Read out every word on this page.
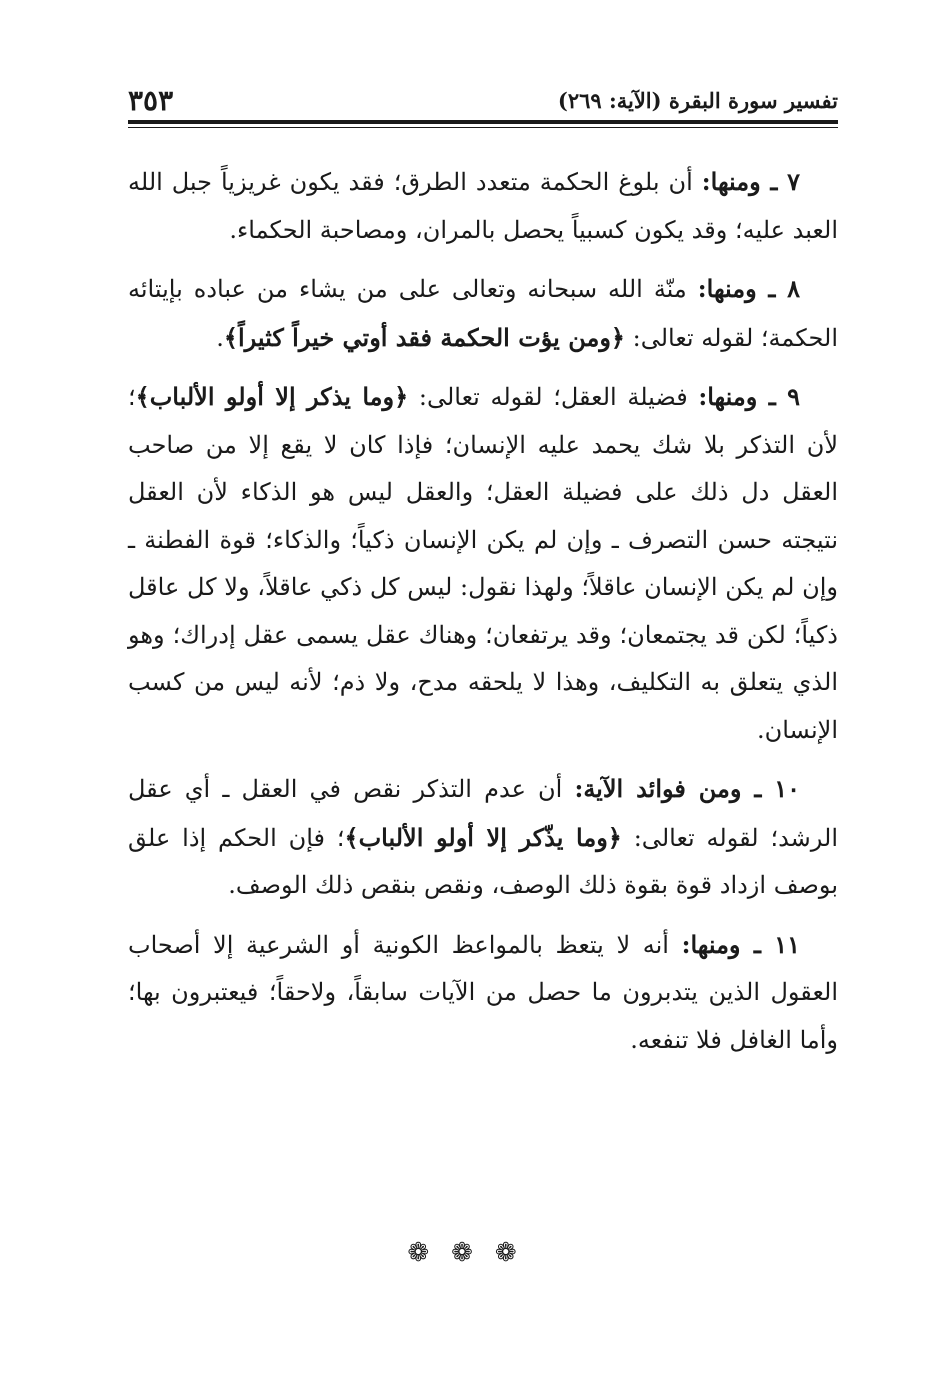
تفسير سورة البقرة (الآية: ٢٦٩)
٣٥٣

٧ ـ ومنها: أن بلوغ الحكمة متعدد الطرق؛ فقد يكون غريزياً جبل الله العبد عليه؛ وقد يكون كسبياً يحصل بالمران، ومصاحبة الحكماء.

٨ ـ ومنها: منّة الله سبحانه وتعالى على من يشاء من عباده بإيتائه الحكمة؛ لقوله تعالى: ﴿ومن يؤت الحكمة فقد أوتي خيراً كثيراً﴾.

٩ ـ ومنها: فضيلة العقل؛ لقوله تعالى: ﴿وما يذكر إلا أولو الألباب﴾؛ لأن التذكر بلا شك يحمد عليه الإنسان؛ فإذا كان لا يقع إلا من صاحب العقل دل ذلك على فضيلة العقل؛ والعقل ليس هو الذكاء لأن العقل نتيجته حسن التصرف ـ وإن لم يكن الإنسان ذكياً؛ والذكاء؛ قوة الفطنة ـ وإن لم يكن الإنسان عاقلاً؛ ولهذا نقول: ليس كل ذكي عاقلاً، ولا كل عاقل ذكياً؛ لكن قد يجتمعان؛ وقد يرتفعان؛ وهناك عقل يسمى عقل إدراك؛ وهو الذي يتعلق به التكليف، وهذا لا يلحقه مدح، ولا ذم؛ لأنه ليس من كسب الإنسان.

١٠ ـ ومن فوائد الآية: أن عدم التذكر نقص في العقل ـ أي عقل الرشد؛ لقوله تعالى: ﴿وما يذّكر إلا أولو الألباب﴾؛ فإن الحكم إذا علق بوصف ازداد قوة بقوة ذلك الوصف، ونقص بنقص ذلك الوصف.

١١ ـ ومنها: أنه لا يتعظ بالمواعظ الكونية أو الشرعية إلا أصحاب العقول الذين يتدبرون ما حصل من الآيات سابقاً، ولاحقاً؛ فيعتبرون بها؛ وأما الغافل فلا تنفعه.

❁❁❁
